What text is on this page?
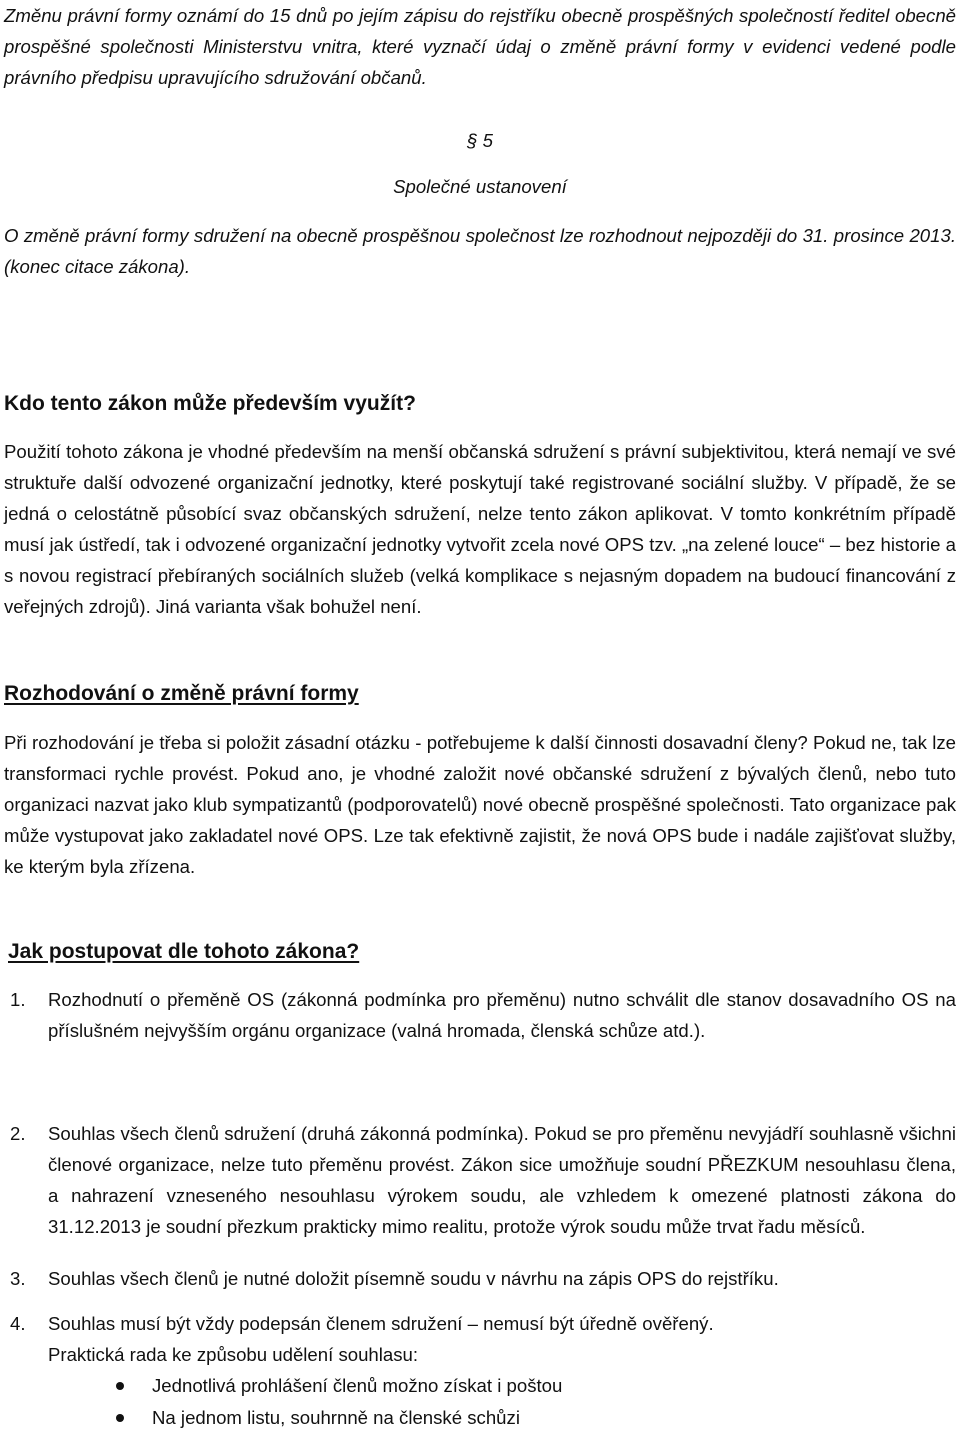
Změnu právní formy oznámí do 15 dnů po jejím zápisu do rejstříku obecně prospěšných společností ředitel obecně prospěšné společnosti Ministerstvu vnitra, které vyznačí údaj o změně právní formy v evidenci vedené podle právního předpisu upravujícího sdružování občanů.

§ 5

Společné ustanovení

O změně právní formy sdružení na obecně prospěšnou společnost lze rozhodnout nejpozději do 31. prosince 2013. (konec citace zákona).

Kdo tento zákon může především využít?

Použití tohoto zákona je vhodné především na menší občanská sdružení s právní subjektivitou, která nemají ve své struktuře další odvozené organizační jednotky, které poskytují také registrované sociální služby. V případě, že se jedná o celostátně působící svaz občanských sdružení, nelze tento zákon aplikovat. V tomto konkrétním případě musí jak ústředí, tak i odvozené organizační jednotky vytvořit zcela nové OPS tzv. „na zelené louce“ – bez historie a s novou registrací přebíraných sociálních služeb (velká komplikace s nejasným dopadem na budoucí financování z veřejných zdrojů). Jiná varianta však bohužel není.

Rozhodování o změně právní formy

Při rozhodování je třeba si položit zásadní otázku - potřebujeme k další činnosti dosavadní členy? Pokud ne, tak lze transformaci rychle provést. Pokud ano, je vhodné založit nové občanské sdružení z bývalých členů, nebo tuto organizaci nazvat jako klub sympatizantů (podporovatelů) nové obecně prospěšné společnosti. Tato organizace pak může vystupovat jako zakladatel nové OPS. Lze tak efektivně zajistit, že nová OPS bude i nadále zajišťovat služby, ke kterým byla zřízena.

Jak postupovat dle tohoto zákona?
1.	Rozhodnutí o přeměně OS (zákonná podmínka pro přeměnu) nutno schválit dle stanov dosavadního OS na příslušném nejvyšším orgánu organizace (valná hromada, členská schůze atd.).
2.	Souhlas všech členů sdružení (druhá zákonná podmínka). Pokud se pro přeměnu nevyjádří souhlasně všichni členové organizace, nelze tuto přeměnu provést. Zákon sice umožňuje soudní PŘEZKUM nesouhlasu člena, a nahrazení vzneseného nesouhlasu výrokem soudu, ale vzhledem k omezené platnosti zákona do 31.12.2013 je soudní přezkum prakticky mimo realitu, protože výrok soudu může trvat řadu měsíců.
3.	Souhlas všech členů je nutné doložit písemně soudu v návrhu na zápis OPS do rejstříku.
4.	Souhlas musí být vždy podepsán členem sdružení – nemusí být úředně ověřený.
Praktická rada ke způsobu udělení souhlasu:
Jednotlivá prohlášení členů možno získat i poštou
Na jednom listu, souhrnně na členské schůzi
